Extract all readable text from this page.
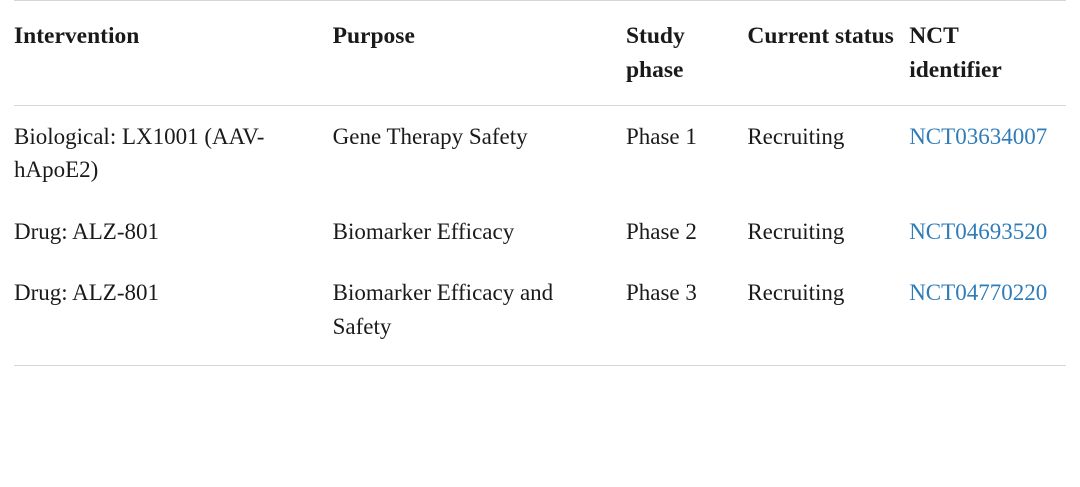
Intervention	Purpose	Study phase	Current status	NCT identifier
Biological: LX1001 (AAV-hApoE2)	Gene Therapy Safety	Phase 1	Recruiting	NCT03634007
Drug: ALZ-801	Biomarker Efficacy	Phase 2	Recruiting	NCT04693520
Drug: ALZ-801	Biomarker Efficacy and Safety	Phase 3	Recruiting	NCT04770220
